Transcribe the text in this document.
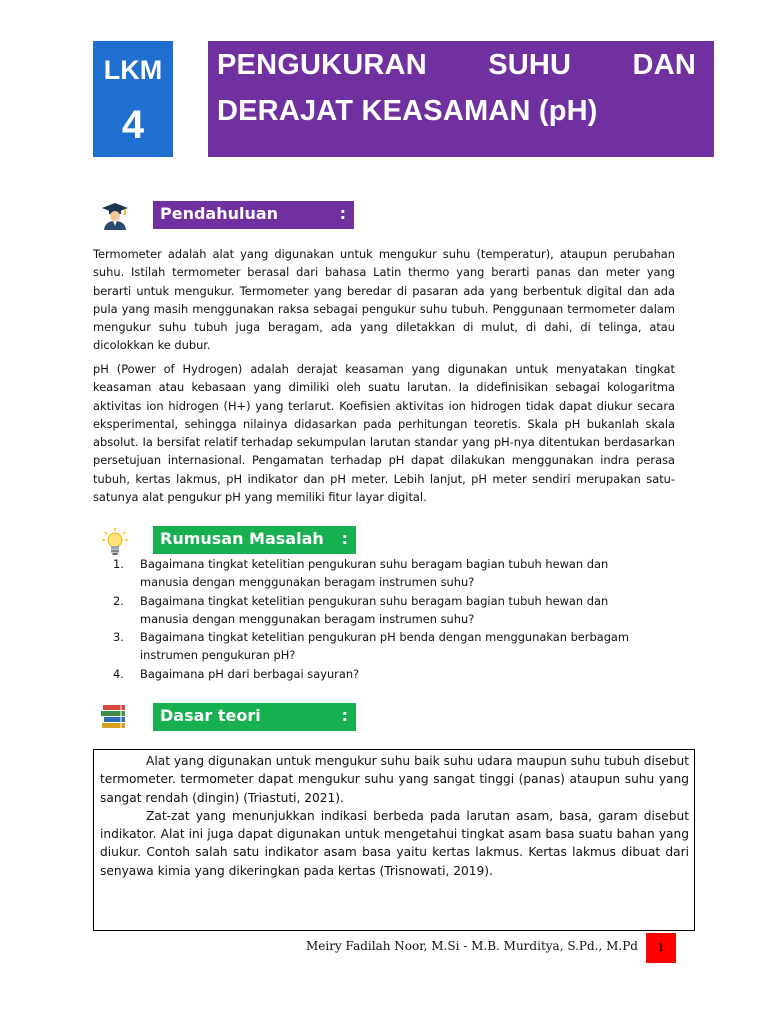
LKM
4
PENGUKURAN SUHU DAN
DERAJAT KEASAMAN (pH)
Pendahuluan	:
Termometer adalah alat yang digunakan untuk mengukur suhu (temperatur), ataupun perubahan suhu. Istilah termometer berasal dari bahasa Latin thermo yang berarti panas dan meter yang berarti untuk mengukur. Termometer yang beredar di pasaran ada yang berbentuk digital dan ada pula yang masih menggunakan raksa sebagai pengukur suhu tubuh. Penggunaan termometer dalam mengukur suhu tubuh juga beragam, ada yang diletakkan di mulut, di dahi, di telinga, atau dicolokkan ke dubur.
pH (Power of Hydrogen) adalah derajat keasaman yang digunakan untuk menyatakan tingkat keasaman atau kebasaan yang dimiliki oleh suatu larutan. Ia didefinisikan sebagai kologaritma aktivitas ion hidrogen (H+) yang terlarut. Koefisien aktivitas ion hidrogen tidak dapat diukur secara eksperimental, sehingga nilainya didasarkan pada perhitungan teoretis. Skala pH bukanlah skala absolut. Ia bersifat relatif terhadap sekumpulan larutan standar yang pH-nya ditentukan berdasarkan persetujuan internasional. Pengamatan terhadap pH dapat dilakukan menggunakan indra perasa tubuh, kertas lakmus, pH indikator dan pH meter. Lebih lanjut, pH meter sendiri merupakan satu-satunya alat pengukur pH yang memiliki fitur layar digital.
Rumusan Masalah :
1.	Bagaimana tingkat ketelitian pengukuran suhu beragam bagian tubuh hewan dan manusia dengan menggunakan beragam instrumen suhu?
2.	Bagaimana tingkat ketelitian pengukuran suhu beragam bagian tubuh hewan dan manusia dengan menggunakan beragam instrumen suhu?
3.	Bagaimana tingkat ketelitian pengukuran pH benda dengan menggunakan berbagam instrumen pengukuran pH?
4.	Bagaimana pH dari berbagai sayuran?
Dasar teori	:

Alat yang digunakan untuk mengukur suhu baik suhu udara maupun suhu tubuh disebut termometer. termometer dapat mengukur suhu yang sangat tinggi (panas) ataupun suhu yang sangat rendah (dingin) (Triastuti, 2021).

Zat-zat yang menunjukkan indikasi berbeda pada larutan asam, basa, garam disebut indikator. Alat ini juga dapat digunakan untuk mengetahui tingkat asam basa suatu bahan yang diukur. Contoh salah satu indikator asam basa yaitu kertas lakmus. Kertas lakmus dibuat dari senyawa kimia yang dikeringkan pada kertas (Trisnowati, 2019).

Meiry Fadilah Noor, M.Si - M.B. Murditya, S.Pd., M.Pd	1
